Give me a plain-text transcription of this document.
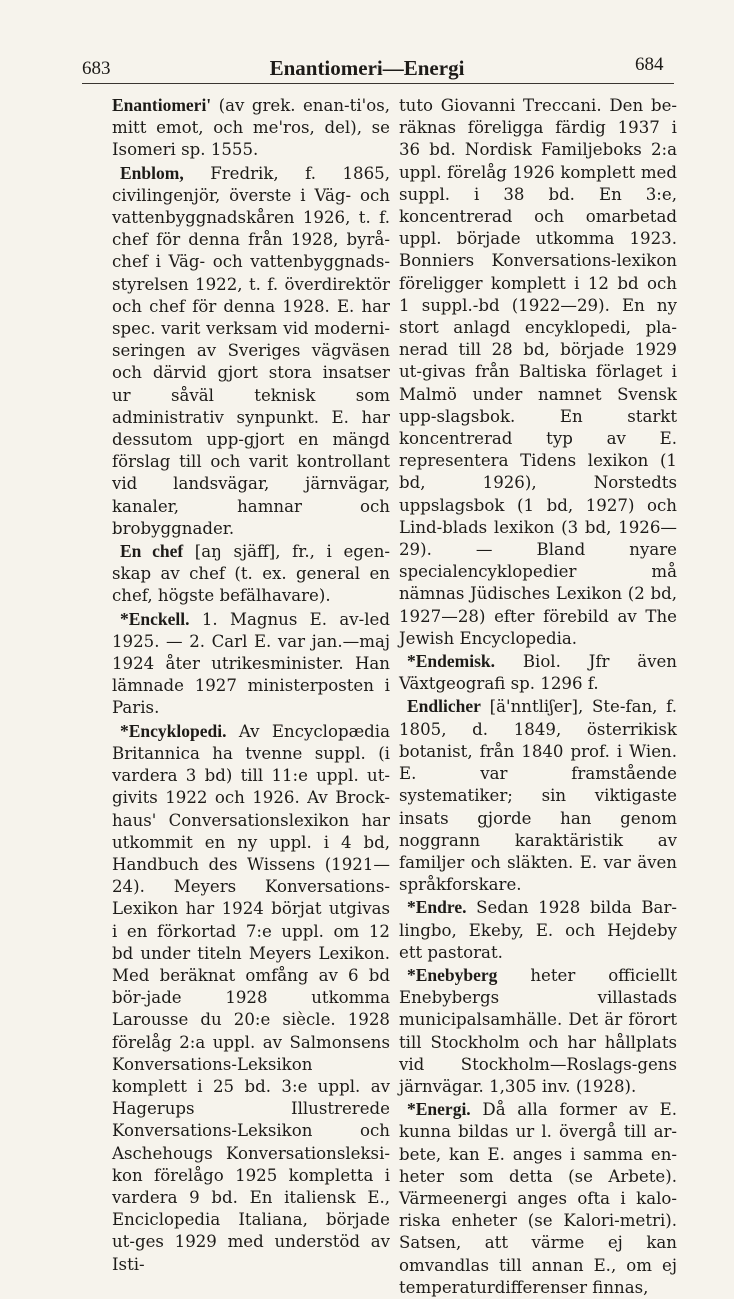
683	Enantiomeri—Energi	684

Enantiomeri' (av grek. enan-ti'os, mitt emot, och me'ros, del), se Isomeri sp. 1555.

Enblom, Fredrik, f. 1865, civilingenjör, överste i Väg- och vattenbyggnadskåren 1926, t. f. chef för denna från 1928, byrå-chef i Väg- och vattenbyggnads-styrelsen 1922, t. f. överdirektör och chef för denna 1928. E. har spec. varit verksam vid moderni-seringen av Sveriges vägväsen och därvid gjort stora insatser ur såväl teknisk som administrativ synpunkt. E. har dessutom upp-gjort en mängd förslag till och varit kontrollant vid landsvägar, järnvägar, kanaler, hamnar och brobyggnader.

En chef [aŋ sjäff], fr., i egen-skap av chef (t. ex. general en chef, högste befälhavare).

*Enckell. 1. Magnus E. av-led 1925. — 2. Carl E. var jan.—maj 1924 åter utrikesminister. Han lämnade 1927 ministerposten i Paris.

*Encyklopedi. Av Encyclopædia Britannica ha tvenne suppl. (i vardera 3 bd) till 11:e uppl. ut-givits 1922 och 1926. Av Brock-haus' Conversationslexikon har utkommit en ny uppl. i 4 bd, Handbuch des Wissens (1921—24). Meyers Konversations-Lexikon har 1924 börjat utgivas i en förkortad 7:e uppl. om 12 bd under titeln Meyers Lexikon. Med beräknat omfång av 6 bd bör-jade 1928 utkomma Larousse du 20:e siècle. 1928 förelåg 2:a uppl. av Salmonsens Konversations-Leksikon komplett i 25 bd. 3:e uppl. av Hagerups Illustrerede Konversations-Leksikon och Aschehougs Konversationsleksi-kon förelågo 1925 kompletta i vardera 9 bd. En italiensk E., Enciclopedia Italiana, började ut-ges 1929 med understöd av Isti-

tuto Giovanni Treccani. Den be-räknas föreligga färdig 1937 i 36 bd. Nordisk Familjeboks 2:a uppl. förelåg 1926 komplett med suppl. i 38 bd. En 3:e, koncentrerad och omarbetad uppl. började utkomma 1923. Bonniers Konversations-lexikon föreligger komplett i 12 bd och 1 suppl.-bd (1922—29). En ny stort anlagd encyklopedi, pla-nerad till 28 bd, började 1929 ut-givas från Baltiska förlaget i Malmö under namnet Svensk upp-slagsbok. En starkt koncentrerad typ av E. representera Tidens lexikon (1 bd, 1926), Norstedts uppslagsbok (1 bd, 1927) och Lind-blads lexikon (3 bd, 1926—29). — Bland nyare specialencyklopedier må nämnas Jüdisches Lexikon (2 bd, 1927—28) efter förebild av The Jewish Encyclopedia.

*Endemisk. Biol. Jfr även Växtgeografi sp. 1296 f.

Endlicher [ä'nntliʃer], Ste-fan, f. 1805, d. 1849, österrikisk botanist, från 1840 prof. i Wien. E. var framstående systematiker; sin viktigaste insats gjorde han genom noggrann karaktäristik av familjer och släkten. E. var även språkforskare.

*Endre. Sedan 1928 bilda Bar-lingbo, Ekeby, E. och Hejdeby ett pastorat.

*Enebyberg heter officiellt Enebybergs villastads municipalsamhälle. Det är förort till Stockholm och har hållplats vid Stockholm—Roslags-gens järnvägar. 1,305 inv. (1928).

*Energi. Då alla former av E. kunna bildas ur l. övergå till ar-bete, kan E. anges i samma en-heter som detta (se Arbete). Värmeenergi anges ofta i kalo-riska enheter (se Kalori-metri). Satsen, att värme ej kan omvandlas till annan E., om ej temperaturdifferenser finnas,
